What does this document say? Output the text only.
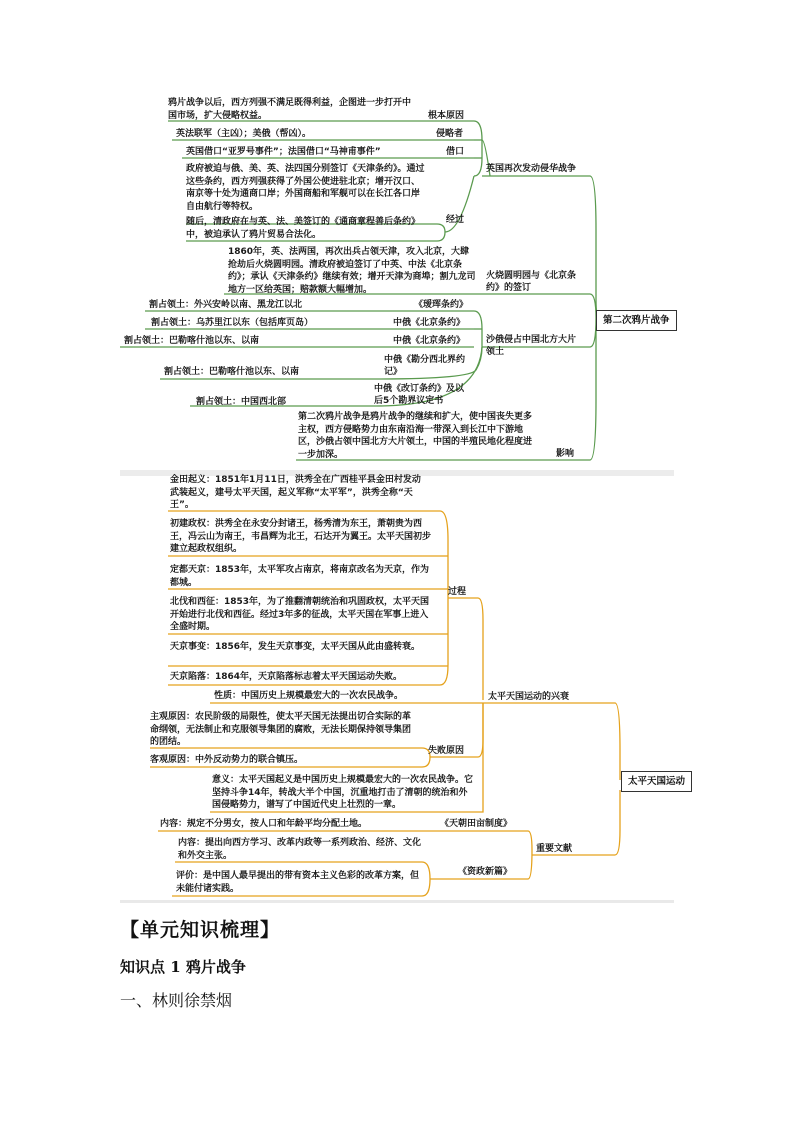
鸦片战争以后，西方列强不满足既得利益，企图进一步打开中国市场，扩大侵略权益。	根本原因

英法联军（主凶）；美俄（帮凶）。	侵略者

英国借口“亚罗号事件”；法国借口“马神甫事件”	借口

政府被迫与俄、美、英、法四国分别签订《天津条约》。通过这些条约，西方列强获得了外国公使进驻北京；增开汉口、南京等十处为通商口岸；外国商船和军舰可以在长江各口岸自由航行等特权。

随后，清政府在与英、法、美签订的《通商章程善后条约》中，被迫承认了鸦片贸易合法化。

经过
英国再次发动侵华战争

1860年，英、法两国，再次出兵占领天津，攻入北京，大肆抢劫后火烧圆明园。清政府被迫签订了中英、中法《北京条约》；承认《天津条约》继续有效；增开天津为商埠；割九龙司地方一区给英国；赔款额大幅增加。

火烧圆明园与《北京条约》的签订
割占领土：外兴安岭以南、黑龙江以北	《瑷珲条约》
割占领土：乌苏里江以东（包括库页岛）	中俄《北京条约》
割占领土：巴勒喀什池以东、以南	中俄《北京条约》
割占领土：巴勒喀什池以东、以南
中俄《勘分西北界约记》
割占领土：中国西北部
中俄《改订条约》及以后5个勘界议定书
沙俄侵占中国北方大片领土

第二次鸦片战争是鸦片战争的继续和扩大，使中国丧失更多主权，西方侵略势力由东南沿海一带深入到长江中下游地区，沙俄占领中国北方大片领土，中国的半殖民地化程度进一步加深。	影响
第二次鸦片战争

金田起义：1851年1月11日，洪秀全在广西桂平县金田村发动武装起义，建号太平天国，起义军称“太平军”，洪秀全称“天王”。

初建政权：洪秀全在永安分封诸王，杨秀清为东王，萧朝贵为西王，冯云山为南王，韦昌辉为北王，石达开为翼王。太平天国初步建立起政权组织。

定都天京：1853年，太平军攻占南京，将南京改名为天京，作为都城。

北伐和西征：1853年，为了推翻清朝统治和巩固政权，太平天国开始进行北伐和西征。经过3年多的征战，太平天国在军事上进入全盛时期。

天京事变：1856年，发生天京事变，太平天国从此由盛转衰。

天京陷落：1864年，天京陷落标志着太平天国运动失败。

过程

性质：中国历史上规模最宏大的一次农民战争。	太平天国运动的兴衰

主观原因：农民阶级的局限性，使太平天国无法提出切合实际的革命纲领，无法制止和克服领导集团的腐败，无法长期保持领导集团的团结。

客观原因：中外反动势力的联合镇压。

失败原因

意义：太平天国起义是中国历史上规模最宏大的一次农民战争。它坚持斗争14年，转战大半个中国，沉重地打击了清朝的统治和外国侵略势力，谱写了中国近代史上壮烈的一章。

太平天国运动

内容：规定不分男女，按人口和年龄平均分配土地。	《天朝田亩制度》

内容：提出向西方学习、改革内政等一系列政治、经济、文化和外交主张。

评价：是中国人最早提出的带有资本主义色彩的改革方案，但未能付诸实践。

《资政新篇》
重要文献
【单元知识梳理】
知识点 1 鸦片战争
一、林则徐禁烟
